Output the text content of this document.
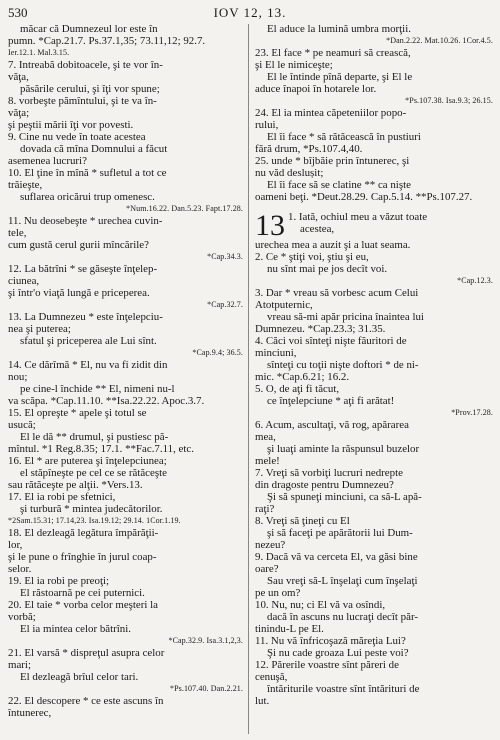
530	IOV 12, 13.
măcar că Dumnezeul lor este în
pumn. *Cap.21.7. Ps.37.1,35; 73.11,12; 92.7.
Ier.12.1. Mal.3.15.
7. Intreabă dobitoacele, şi te vor în-
văţa,
păsările cerului, şi îţi vor spune;
8. vorbeşte pămîntului, şi te va în-
văţa;
şi peştii mării îţi vor povesti.
9. Cine nu vede în toate acestea
dovada că mîna Domnului a făcut
asemenea lucruri?
10. El ţine în mînă * sufletul a tot ce
trăieşte,
suflarea oricărui trup omenesc.
*Num.16.22. Dan.5.23. Fapt.17.28.
11. Nu deosebeşte * urechea cuvin-
tele,
cum gustă cerul gurii mîncările?
*Cap.34.3.
12. La bătrîni * se găseşte înţelep-
ciunea,
şi într'o viaţă lungă e priceperea.
*Cap.32.7.
13. La Dumnezeu * este înţelepciu-
nea şi puterea;
sfatul şi priceperea ale Lui sînt.
*Cap.9.4; 36.5.
14. Ce dărîmă * El, nu va fi zidit din
nou;
pe cine-l închide ** El, nimeni nu-l
va scăpa. *Cap.11.10. **Isa.22.22. Apoc.3.7.
15. El opreşte * apele şi totul se
usucă;
El le dă ** drumul, şi pustiesc pă-
mîntul. *1 Reg.8.35; 17.1. **Fac.7.11, etc.
16. El * are puterea şi înţelepciunea;
el stăpîneşte pe cel ce se rătăceşte
sau rătăceşte pe alţii. *Vers.13.
17. El ia robi pe sfetnici,
şi turbură * mintea judecătorilor.
*2Sam.15.31; 17.14,23. Isa.19.12; 29.14. 1Cor.1.19.
18. El dezleagă legătura împărăţii-
lor,
şi le pune o frînghie în jurul coap-
selor.
19. El ia robi pe preoţi;
El răstoarnă pe cei puternici.
20. El taie * vorba celor meşteri la
vorbă;
El ia mintea celor bătrîni.
*Cap.32.9. Isa.3.1,2,3.
21. El varsă * dispreţul asupra celor
mari;
El dezleagă brîul celor tari.
*Ps.107.40. Dan.2.21.
22. El descopere * ce este ascuns în
întunerec,
El aduce la lumină umbra morţii.
*Dan.2.22. Mat.10.26. 1Cor.4.5.
23. El face * pe neamuri să crească,
şi El le nimiceşte;
El le întinde pînă departe, şi El le
aduce înapoi în hotarele lor.
*Ps.107.38. Isa.9.3; 26.15.
24. El ia mintea căpeteniilor popo-
rului,
El îi face * să rătăcească în pustiuri
fără drum, *Ps.107.4,40.
25. unde * bîjbăie prin întunerec, şi
nu văd deslușit;
El îi face să se clatine ** ca nişte
oameni beţi. *Deut.28.29. Cap.5.14. **Ps.107.27.
13 1. Iată, ochiul meu a văzut toate
acestea,
urechea mea a auzit şi a luat seama.
2. Ce * ştiţi voi, ştiu şi eu,
nu sînt mai pe jos decît voi.
*Cap.12.3.
3. Dar * vreau să vorbesc acum Celui
Atotputernic,
vreau să-mi apăr pricina înaintea lui
Dumnezeu. *Cap.23.3; 31.35.
4. Căci voi sînteţi nişte făuritori de
minciuni,
sînteţi cu toţii nişte doftori * de ni-
mic. *Cap.6.21; 16.2.
5. O, de aţi fi tăcut,
ce înţelepciune * aţi fi arătat!
*Prov.17.28.
6. Acum, ascultaţi, vă rog, apărarea
mea,
şi luaţi aminte la răspunsul buzelor
mele!
7. Vreţi să vorbiţi lucruri nedrepte
din dragoste pentru Dumnezeu?
Şi să spuneţi minciuni, ca să-L apă-
raţi?
8. Vreţi să ţineţi cu El
şi să faceţi pe apărătorii lui Dum-
nezeu?
9. Dacă vă va cerceta El, va găsi bine
oare?
Sau vreţi să-L înşelaţi cum înşelaţi
pe un om?
10. Nu, nu; ci El vă va osîndi,
dacă în ascuns nu lucraţi decît păr-
tinindu-L pe El.
11. Nu vă înfricoşază măreţia Lui?
Şi nu cade groaza Lui peste voi?
12. Părerile voastre sînt păreri de
cenuşă,
întăriturile voastre sînt întărituri de
lut.
